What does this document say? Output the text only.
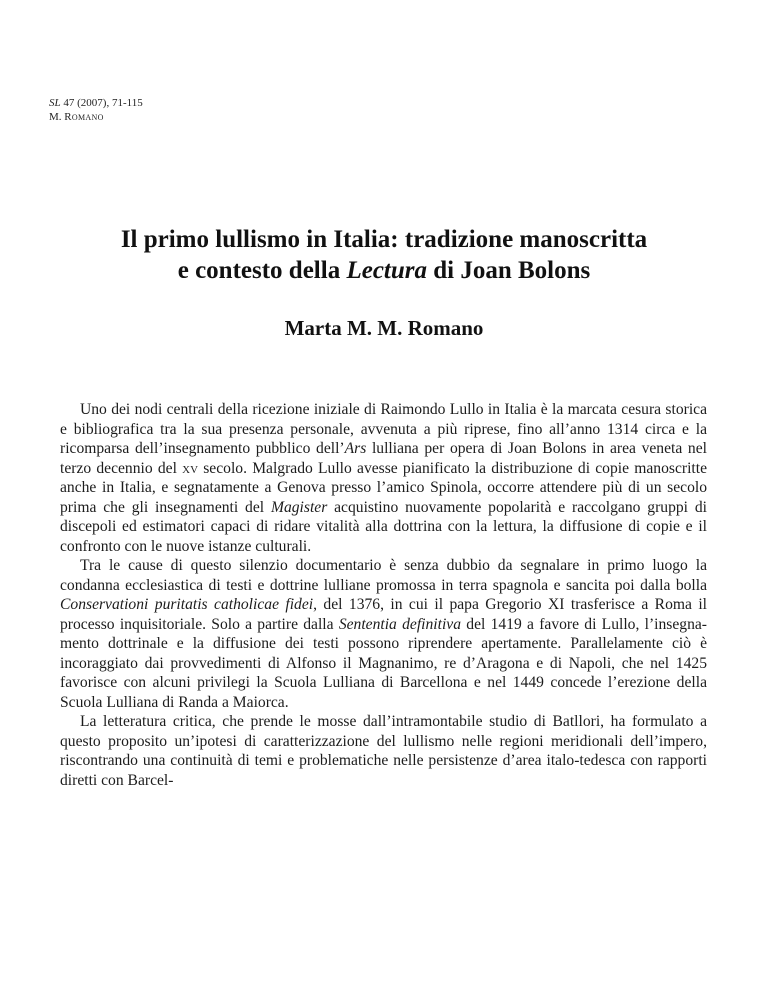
SL 47 (2007), 71-115
M. Romano
Il primo lullismo in Italia: tradizione manoscritta
e contesto della Lectura di Joan Bolons
Marta M. M. Romano

Uno dei nodi centrali della ricezione iniziale di Raimondo Lullo in Italia è la marcata cesura storica e bibliografica tra la sua presenza personale, avvenuta a più riprese, fino all’anno 1314 circa e la ricomparsa dell’insegnamento pubblico dell’Ars lulliana per opera di Joan Bolons in area veneta nel terzo decennio del xv secolo. Malgrado Lullo avesse pianificato la distribuzione di copie manoscritte anche in Italia, e segnatamente a Genova presso l’amico Spinola, occorre attendere più di un secolo prima che gli insegnamenti del Magister acquistino nuovamente popolarità e raccolgano gruppi di discepoli ed estimatori capaci di ridare vitalità alla dottrina con la lettura, la diffusione di copie e il confronto con le nuove istanze culturali.

Tra le cause di questo silenzio documentario è senza dubbio da segnalare in primo luogo la condanna ecclesiastica di testi e dottrine lulliane promossa in terra spagnola e sancita poi dalla bolla Conservationi puritatis catholicae fidei, del 1376, in cui il papa Gregorio XI trasferisce a Roma il processo inquisitoriale. Solo a partire dalla Sententia definitiva del 1419 a favore di Lullo, l’insegnamento dottrinale e la diffusione dei testi possono riprendere apertamente. Parallelamente ciò è incoraggiato dai provvedimenti di Alfonso il Magnanimo, re d’Aragona e di Napoli, che nel 1425 favorisce con alcuni privilegi la Scuola Lulliana di Barcellona e nel 1449 concede l’erezione della Scuola Lulliana di Randa a Maiorca.

La letteratura critica, che prende le mosse dall’intramontabile studio di Batllori, ha formulato a questo proposito un’ipotesi di caratterizzazione del lullismo nelle regioni meridionali dell’impero, riscontrando una continuità di temi e problematiche nelle persistenze d’area italo-tedesca con rapporti diretti con Barcel-
